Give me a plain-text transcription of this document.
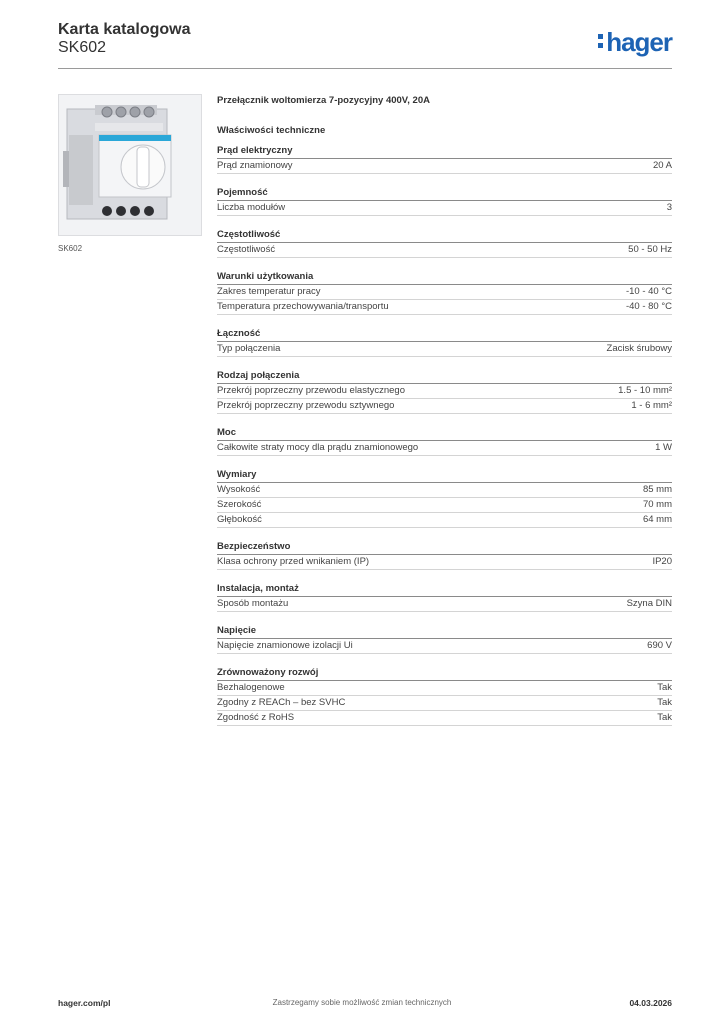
Karta katalogowa
SK602	hager
SK602
Przełącznik woltomierza 7-pozycyjny 400V, 20A
Właściwości techniczne
Prąd elektryczny
Prąd znamionowy	20 A
Pojemność
Liczba modułów	3
Częstotliwość
Częstotliwość	50 - 50 Hz
Warunki użytkowania
Zakres temperatur pracy	-10 - 40 °C
Temperatura przechowywania/transportu	-40 - 80 °C
Łączność
Typ połączenia	Zacisk śrubowy
Rodzaj połączenia
Przekrój poprzeczny przewodu elastycznego	1.5 - 10 mm²
Przekrój poprzeczny przewodu sztywnego	1 - 6 mm²
Moc
Całkowite straty mocy dla prądu znamionowego	1 W
Wymiary
Wysokość	85 mm
Szerokość	70 mm
Głębokość	64 mm
Bezpieczeństwo
Klasa ochrony przed wnikaniem (IP)	IP20
Instalacja, montaż
Sposób montażu	Szyna DIN
Napięcie
Napięcie znamionowe izolacji Ui	690 V
Zrównoważony rozwój
Bezhalogenowe	Tak
Zgodny z REACh – bez SVHC	Tak
Zgodność z RoHS	Tak
hager.com/pl	Zastrzegamy sobie możliwość zmian technicznych	04.03.2026
